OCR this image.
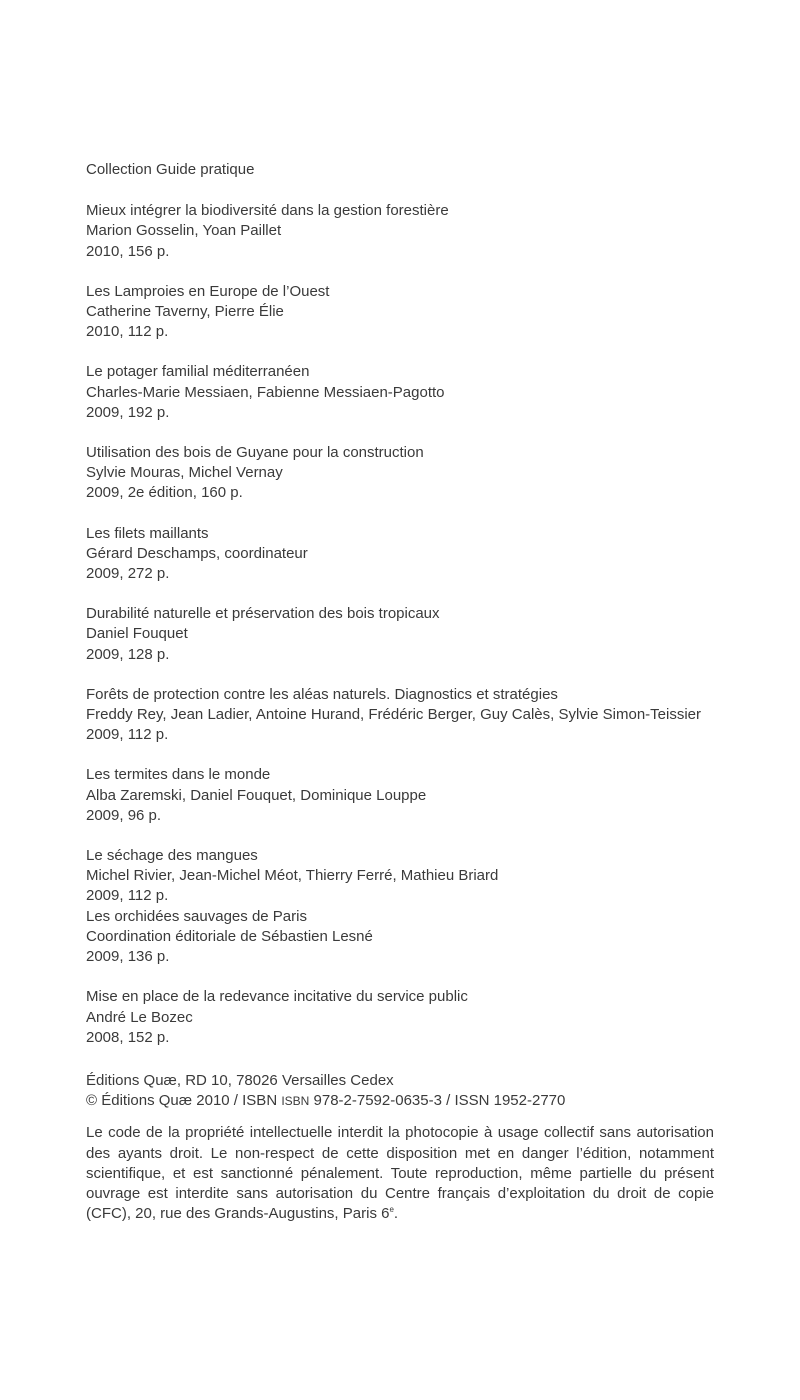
Collection Guide pratique
Mieux intégrer la biodiversité dans la gestion forestière
Marion Gosselin, Yoan Paillet
2010, 156 p.
Les Lamproies en Europe de l’Ouest
Catherine Taverny, Pierre Élie
2010, 112 p.
Le potager familial méditerranéen
Charles-Marie Messiaen, Fabienne Messiaen-Pagotto
2009, 192 p.
Utilisation des bois de Guyane pour la construction
Sylvie Mouras, Michel Vernay
2009, 2e édition, 160 p.
Les filets maillants
Gérard Deschamps, coordinateur
2009, 272 p.
Durabilité naturelle et préservation des bois tropicaux
Daniel Fouquet
2009, 128 p.
Forêts de protection contre les aléas naturels. Diagnostics et stratégies
Freddy Rey, Jean Ladier, Antoine Hurand, Frédéric Berger, Guy Calès, Sylvie Simon-Teissier
2009, 112 p.
Les termites dans le monde
Alba Zaremski, Daniel Fouquet, Dominique Louppe
2009, 96 p.
Le séchage des mangues
Michel Rivier, Jean-Michel Méot, Thierry Ferré, Mathieu Briard
2009, 112 p.
Les orchidées sauvages de Paris
Coordination éditoriale de Sébastien Lesné
2009, 136 p.
Mise en place de la redevance incitative du service public
André Le Bozec
2008, 152 p.
Éditions Quæ, RD 10, 78026 Versailles Cedex
© Éditions Quæ 2010 / ISBN ISBN 978-2-7592-0635-3 / ISSN 1952-2770

Le code de la propriété intellectuelle interdit la photocopie à usage collectif sans autorisation des ayants droit. Le non-respect de cette disposition met en danger l’édition, notamment scientifique, et est sanctionné pénalement. Toute reproduction, même partielle du présent ouvrage est interdite sans autorisation du Centre français d’exploitation du droit de copie (CFC), 20, rue des Grands-Augustins, Paris 6e.
